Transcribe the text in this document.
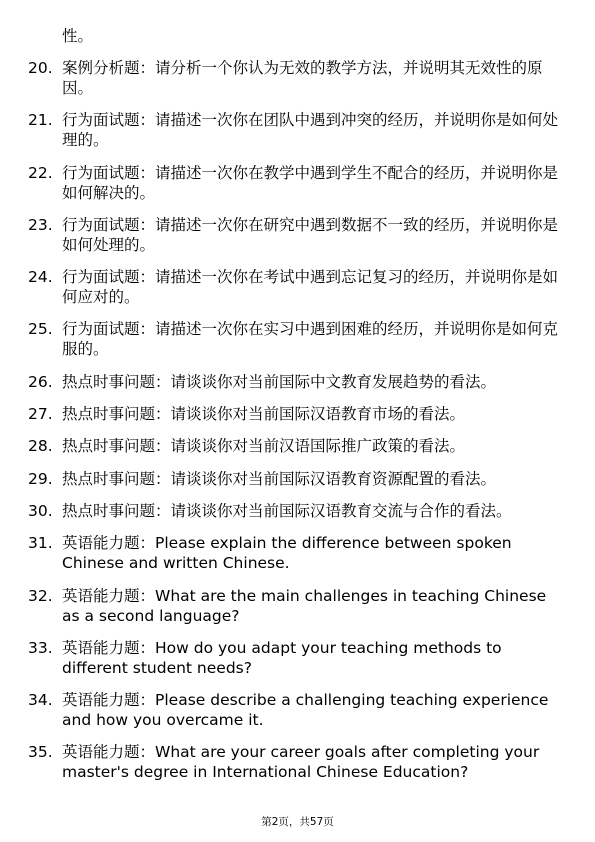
性。

20. 案例分析题：请分析一个你认为无效的教学方法，并说明其无效性的原因。
21. 行为面试题：请描述一次你在团队中遇到冲突的经历，并说明你是如何处理的。
22. 行为面试题：请描述一次你在教学中遇到学生不配合的经历，并说明你是如何解决的。
23. 行为面试题：请描述一次你在研究中遇到数据不一致的经历，并说明你是如何处理的。
24. 行为面试题：请描述一次你在考试中遇到忘记复习的经历，并说明你是如何应对的。
25. 行为面试题：请描述一次你在实习中遇到困难的经历，并说明你是如何克服的。
26. 热点时事问题：请谈谈你对当前国际中文教育发展趋势的看法。
27. 热点时事问题：请谈谈你对当前国际汉语教育市场的看法。
28. 热点时事问题：请谈谈你对当前汉语国际推广政策的看法。
29. 热点时事问题：请谈谈你对当前国际汉语教育资源配置的看法。
30. 热点时事问题：请谈谈你对当前国际汉语教育交流与合作的看法。
31. 英语能力题：Please explain the difference between spoken Chinese and written Chinese.
32. 英语能力题：What are the main challenges in teaching Chinese as a second language?
33. 英语能力题：How do you adapt your teaching methods to different student needs?
34. 英语能力题：Please describe a challenging teaching experience and how you overcame it.
35. 英语能力题：What are your career goals after completing your master's degree in International Chinese Education?
第2页，共57页
